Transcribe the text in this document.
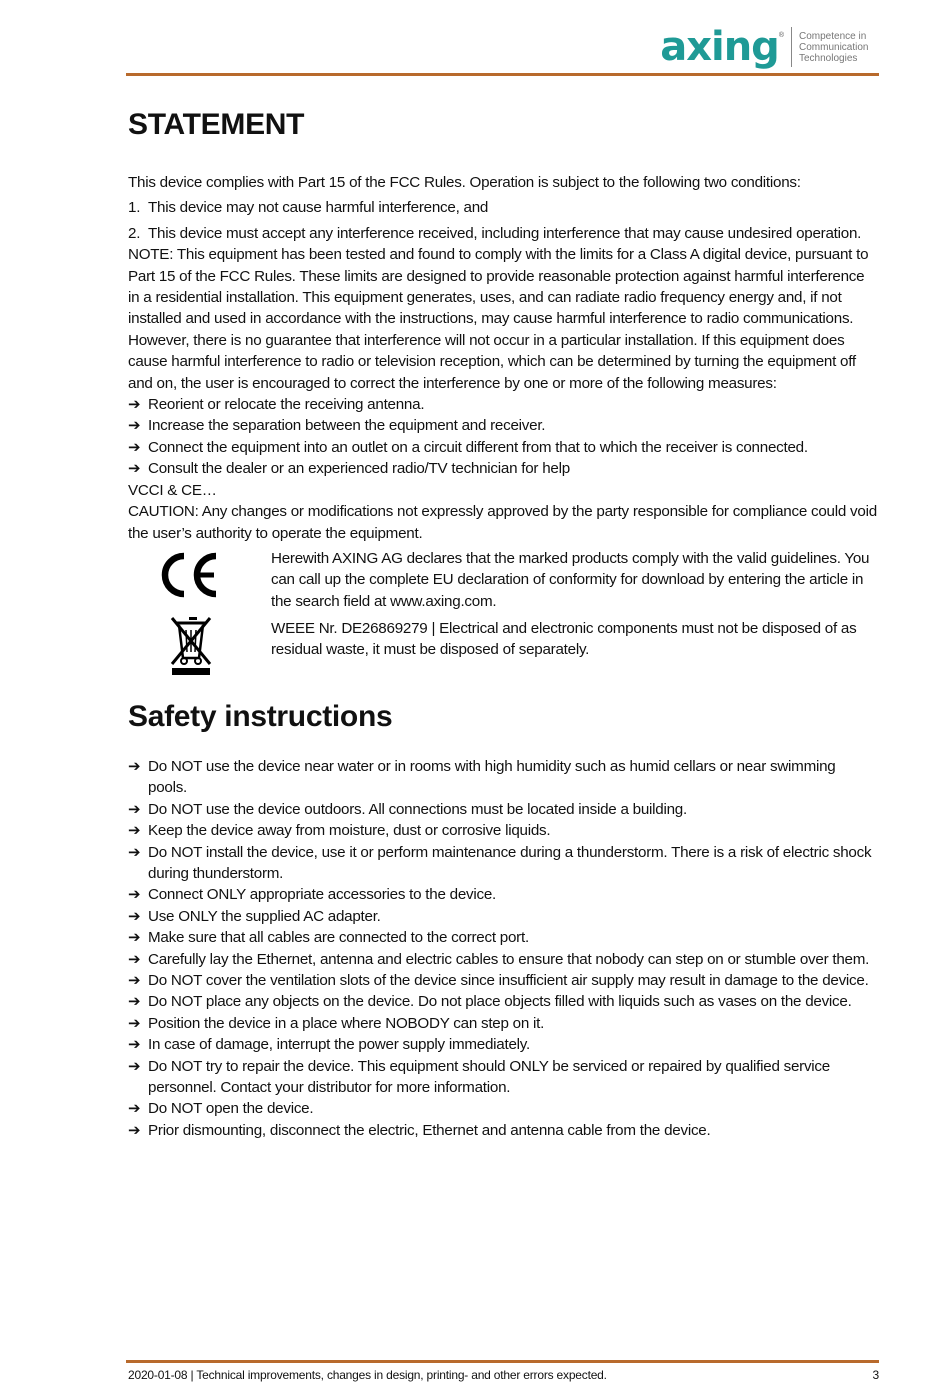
axing ® Competence in
Communication
Technologies
STATEMENT

This device complies with Part 15 of the FCC Rules. Operation is subject to the following two conditions:

1. This device may not cause harmful interference, and
2. This device must accept any interference received, including interference that may cause undesired operation.

NOTE: This equipment has been tested and found to comply with the limits for a Class A digital device, pursuant to Part 15 of the FCC Rules. These limits are designed to provide reasonable protection against harmful interference in a residential installation. This equipment generates, uses, and can radiate radio frequency energy and, if not installed and used in accordance with the instructions, may cause harmful interference to radio communications. However, there is no guarantee that interference will not occur in a particular installation. If this equipment does cause harmful interference to radio or television reception, which can be determined by turning the equipment off and on, the user is encouraged to correct the interference by one or more of the following measures:

➔ Reorient or relocate the receiving antenna.
➔ Increase the separation between the equipment and receiver.
➔ Connect the equipment into an outlet on a circuit different from that to which the receiver is connected.
➔ Consult the dealer or an experienced radio/TV technician for help

VCCI & CE…

CAUTION: Any changes or modifications not expressly approved by the party responsible for compliance could void the user’s authority to operate the equipment.

Herewith AXING AG declares that the marked products comply with the valid guidelines. You can call up the complete EU declaration of conformity for download by entering the article in the search field at www.axing.com.

WEEE Nr. DE26869279 | Electrical and electronic components must not be disposed of as residual waste, it must be disposed of separately.

Safety instructions
➔ Do NOT use the device near water or in rooms with high humidity such as humid cellars or near swimming pools.
➔ Do NOT use the device outdoors. All connections must be located inside a building.
➔ Keep the device away from moisture, dust or corrosive liquids.
➔ Do NOT install the device, use it or perform maintenance during a thunderstorm. There is a risk of electric shock during thunderstorm.
➔ Connect ONLY appropriate accessories to the device.
➔ Use ONLY the supplied AC adapter.
➔ Make sure that all cables are connected to the correct port.
➔ Carefully lay the Ethernet, antenna and electric cables to ensure that nobody can step on or stumble over them.
➔ Do NOT cover the ventilation slots of the device since insufficient air supply may result in damage to the device.
➔ Do NOT place any objects on the device. Do not place objects filled with liquids such as vases on the device.
➔ Position the device in a place where NOBODY can step on it.
➔ In case of damage, interrupt the power supply immediately.
➔ Do NOT try to repair the device. This equipment should ONLY be serviced or repaired by qualified service personnel. Contact your distributor for more information.
➔ Do NOT open the device.
➔ Prior dismounting, disconnect the electric, Ethernet and antenna cable from the device.
2020-01-08 | Technical improvements, changes in design, printing- and other errors expected.	3
